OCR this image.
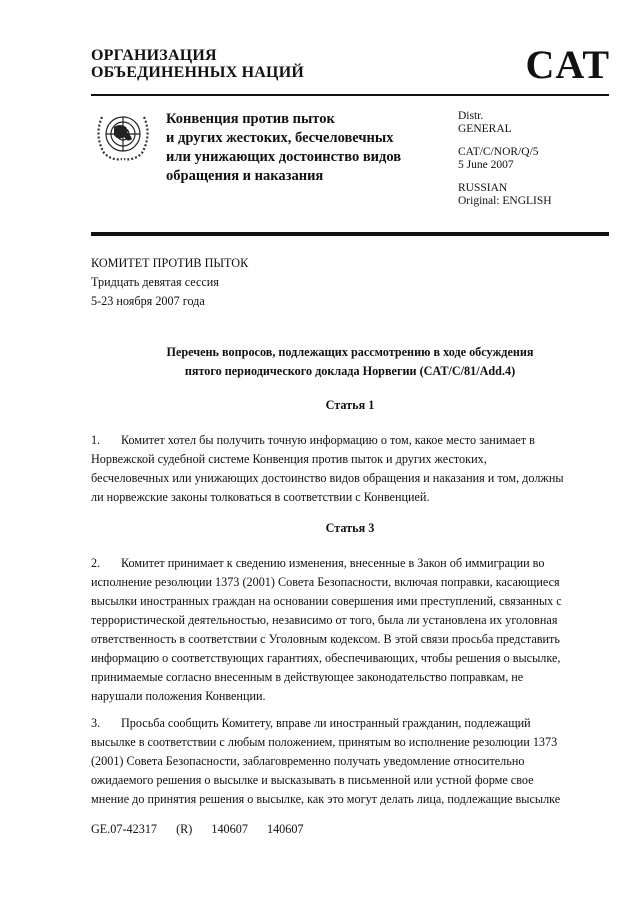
ОРГАНИЗАЦИЯ
ОБЪЕДИНЕННЫХ НАЦИЙ	CAT
Конвенция против пыток
и других жестоких, бесчеловечных
или унижающих достоинство видов
обращения и наказания
Distr.
GENERAL
CAT/C/NOR/Q/5
5 June 2007
RUSSIAN
Original: ENGLISH
КОМИТЕТ ПРОТИВ ПЫТОК
Тридцать девятая сессия
5-23 ноября 2007 года
Перечень вопросов, подлежащих рассмотрению в ходе обсуждения
пятого периодического доклада Норвегии (CAT/C/81/Add.4)
Статья 1
1. Комитет хотел бы получить точную информацию о том, какое место занимает в
Норвежской судебной системе Конвенция против пыток и других жестоких,
бесчеловечных или унижающих достоинство видов обращения и наказания и том, должны
ли норвежские законы толковаться в соответствии с Конвенцией.
Статья 3
2. Комитет принимает к сведению изменения, внесенные в Закон об иммиграции во
исполнение резолюции 1373 (2001) Совета Безопасности, включая поправки, касающиеся
высылки иностранных граждан на основании совершения ими преступлений, связанных с
террористической деятельностью, независимо от того, была ли установлена их уголовная
ответственность в соответствии с Уголовным кодексом. В этой связи просьба представить
информацию о соответствующих гарантиях, обеспечивающих, чтобы решения о высылке,
принимаемые согласно внесенным в действующее законодательство поправкам, не
нарушали положения Конвенции.
3. Просьба сообщить Комитету, вправе ли иностранный гражданин, подлежащий
высылке в соответствии с любым положением, принятым во исполнение резолюции 1373
(2001) Совета Безопасности, заблаговременно получать уведомление относительно
ожидаемого решения о высылке и высказывать в письменной или устной форме свое
мнение до принятия решения о высылке, как это могут делать лица, подлежащие высылке
GE.07-42317 (R) 140607 140607
